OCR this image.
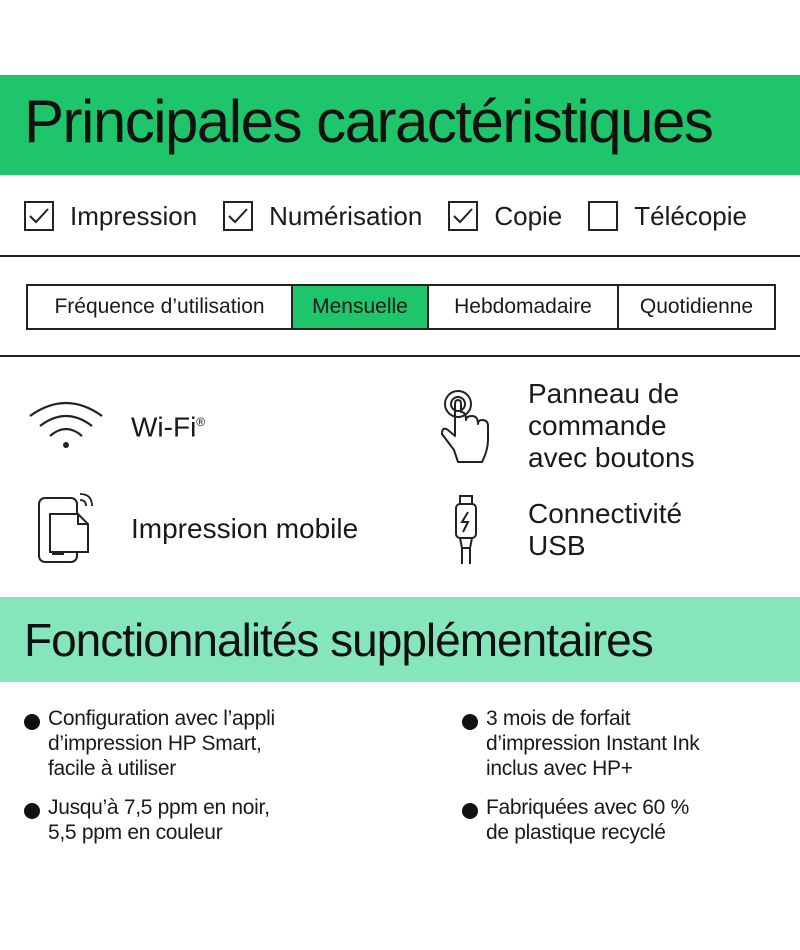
Principales caractéristiques
Impression	Numérisation	Copie	Télécopie
Fréquence d’utilisation	Mensuelle	Hebdomadaire	Quotidienne
Wi-Fi®
Panneau de
commande
avec boutons
Impression mobile	Connectivité
USB
Fonctionnalités supplémentaires
Configuration avec l’appli
d’impression HP Smart,
facile à utiliser
Jusqu’à 7,5 ppm en noir,
5,5 ppm en couleur
3 mois de forfait
d’impression Instant Ink
inclus avec HP+
Fabriquées avec 60 %
de plastique recyclé
